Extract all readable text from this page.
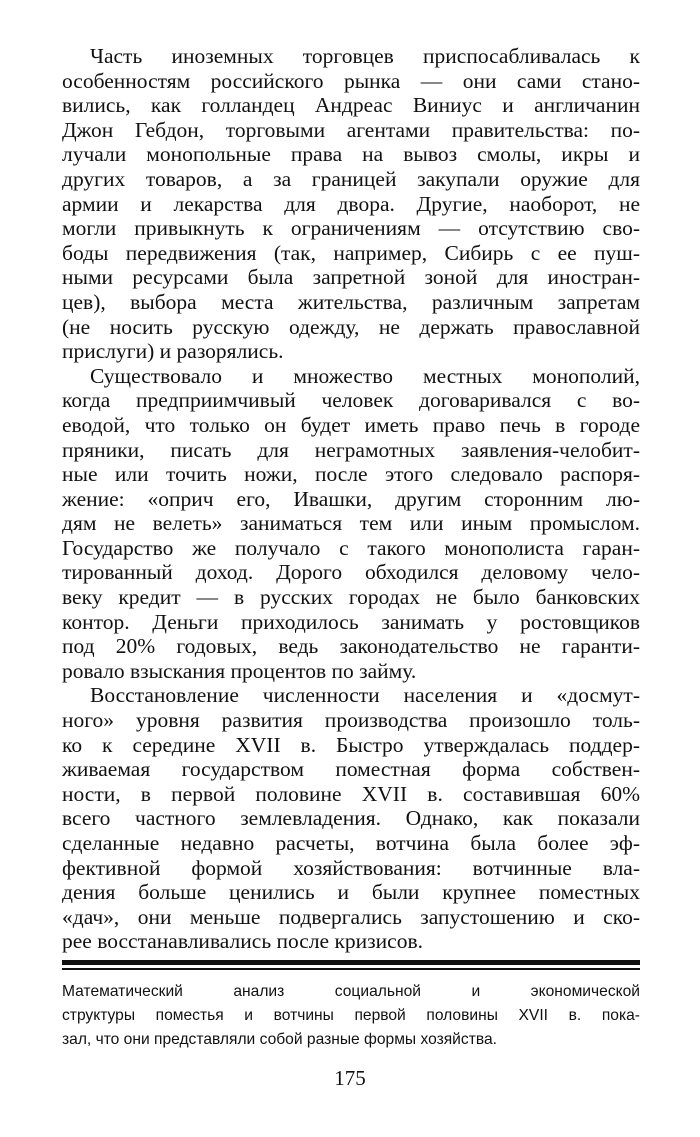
Часть иноземных торговцев приспосабливалась к
особенностям российского рынка — они сами стано-
вились, как голландец Андреас Виниус и англичанин
Джон Гебдон, торговыми агентами правительства: по-
лучали монопольные права на вывоз смолы, икры и
других товаров, а за границей закупали оружие для
армии и лекарства для двора. Другие, наоборот, не
могли привыкнуть к ограничениям — отсутствию сво-
боды передвижения (так, например, Сибирь с ее пуш-
ными ресурсами была запретной зоной для иностран-
цев), выбора места жительства, различным запретам
(не носить русскую одежду, не держать православной
прислуги) и разорялись.
Существовало и множество местных монополий,
когда предприимчивый человек договаривался с во-
еводой, что только он будет иметь право печь в городе
пряники, писать для неграмотных заявления-челобит-
ные или точить ножи, после этого следовало распоря-
жение: «оприч его, Ивашки, другим сторонним лю-
дям не велеть» заниматься тем или иным промыслом.
Государство же получало с такого монополиста гаран-
тированный доход. Дорого обходился деловому чело-
веку кредит — в русских городах не было банковских
контор. Деньги приходилось занимать у ростовщиков
под 20% годовых, ведь законодательство не гаранти-
ровало взыскания процентов по займу.
Восстановление численности населения и «досмут-
ного» уровня развития производства произошло толь-
ко к середине XVII в. Быстро утверждалась поддер-
живаемая государством поместная форма собствен-
ности, в первой половине XVII в. составившая 60%
всего частного землевладения. Однако, как показали
сделанные недавно расчеты, вотчина была более эф-
фективной формой хозяйствования: вотчинные вла-
дения больше ценились и были крупнее поместных
«дач», они меньше подвергались запустошению и ско-
рее восстанавливались после кризисов.
Математический анализ социальной и экономической
структуры поместья и вотчины первой половины XVII в. пока-
зал, что они представляли собой разные формы хозяйства.
175
